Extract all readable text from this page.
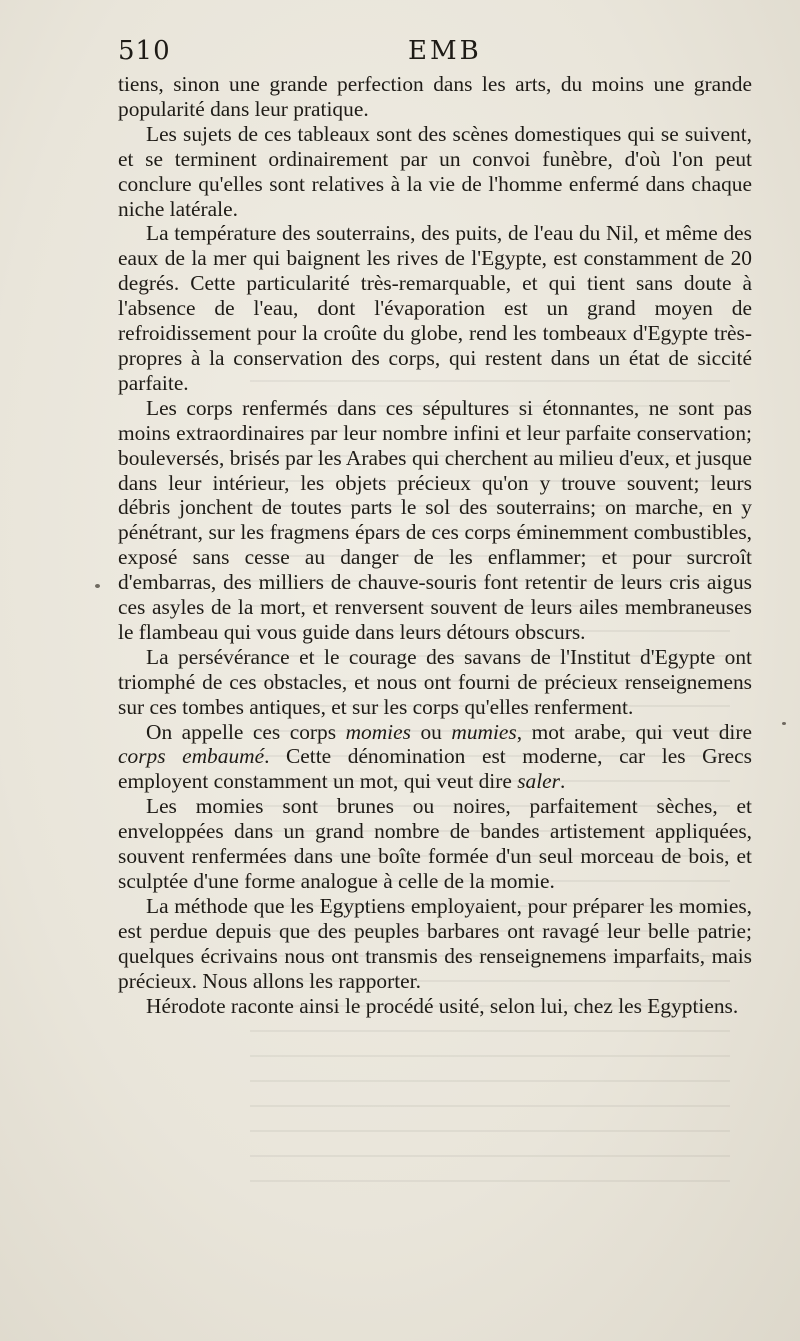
510	EMB

tiens, sinon une grande perfection dans les arts, du moins une grande popularité dans leur pratique.

Les sujets de ces tableaux sont des scènes domestiques qui se suivent, et se terminent ordinairement par un convoi funèbre, d'où l'on peut conclure qu'elles sont relatives à la vie de l'homme enfermé dans chaque niche latérale.

La température des souterrains, des puits, de l'eau du Nil, et même des eaux de la mer qui baignent les rives de l'Egypte, est constamment de 20 degrés. Cette particularité très-remarquable, et qui tient sans doute à l'absence de l'eau, dont l'évaporation est un grand moyen de refroidissement pour la croûte du globe, rend les tombeaux d'Egypte très-propres à la conservation des corps, qui restent dans un état de siccité parfaite.

Les corps renfermés dans ces sépultures si étonnantes, ne sont pas moins extraordinaires par leur nombre infini et leur parfaite conservation; bouleversés, brisés par les Arabes qui cherchent au milieu d'eux, et jusque dans leur intérieur, les objets précieux qu'on y trouve souvent; leurs débris jonchent de toutes parts le sol des souterrains; on marche, en y pénétrant, sur les fragmens épars de ces corps éminemment combustibles, exposé sans cesse au danger de les enflammer; et pour surcroît d'embarras, des milliers de chauve-souris font retentir de leurs cris aigus ces asyles de la mort, et renversent souvent de leurs ailes membraneuses le flambeau qui vous guide dans leurs détours obscurs.

La persévérance et le courage des savans de l'Institut d'Egypte ont triomphé de ces obstacles, et nous ont fourni de précieux renseignemens sur ces tombes antiques, et sur les corps qu'elles renferment.

On appelle ces corps momies ou mumies, mot arabe, qui veut dire corps embaumé. Cette dénomination est moderne, car les Grecs employent constamment un mot, qui veut dire saler.

Les momies sont brunes ou noires, parfaitement sèches, et enveloppées dans un grand nombre de bandes artistement appliquées, souvent renfermées dans une boîte formée d'un seul morceau de bois, et sculptée d'une forme analogue à celle de la momie.

La méthode que les Egyptiens employaient, pour préparer les momies, est perdue depuis que des peuples barbares ont ravagé leur belle patrie; quelques écrivains nous ont transmis des renseignemens imparfaits, mais précieux. Nous allons les rapporter.

Hérodote raconte ainsi le procédé usité, selon lui, chez les Egyptiens.
